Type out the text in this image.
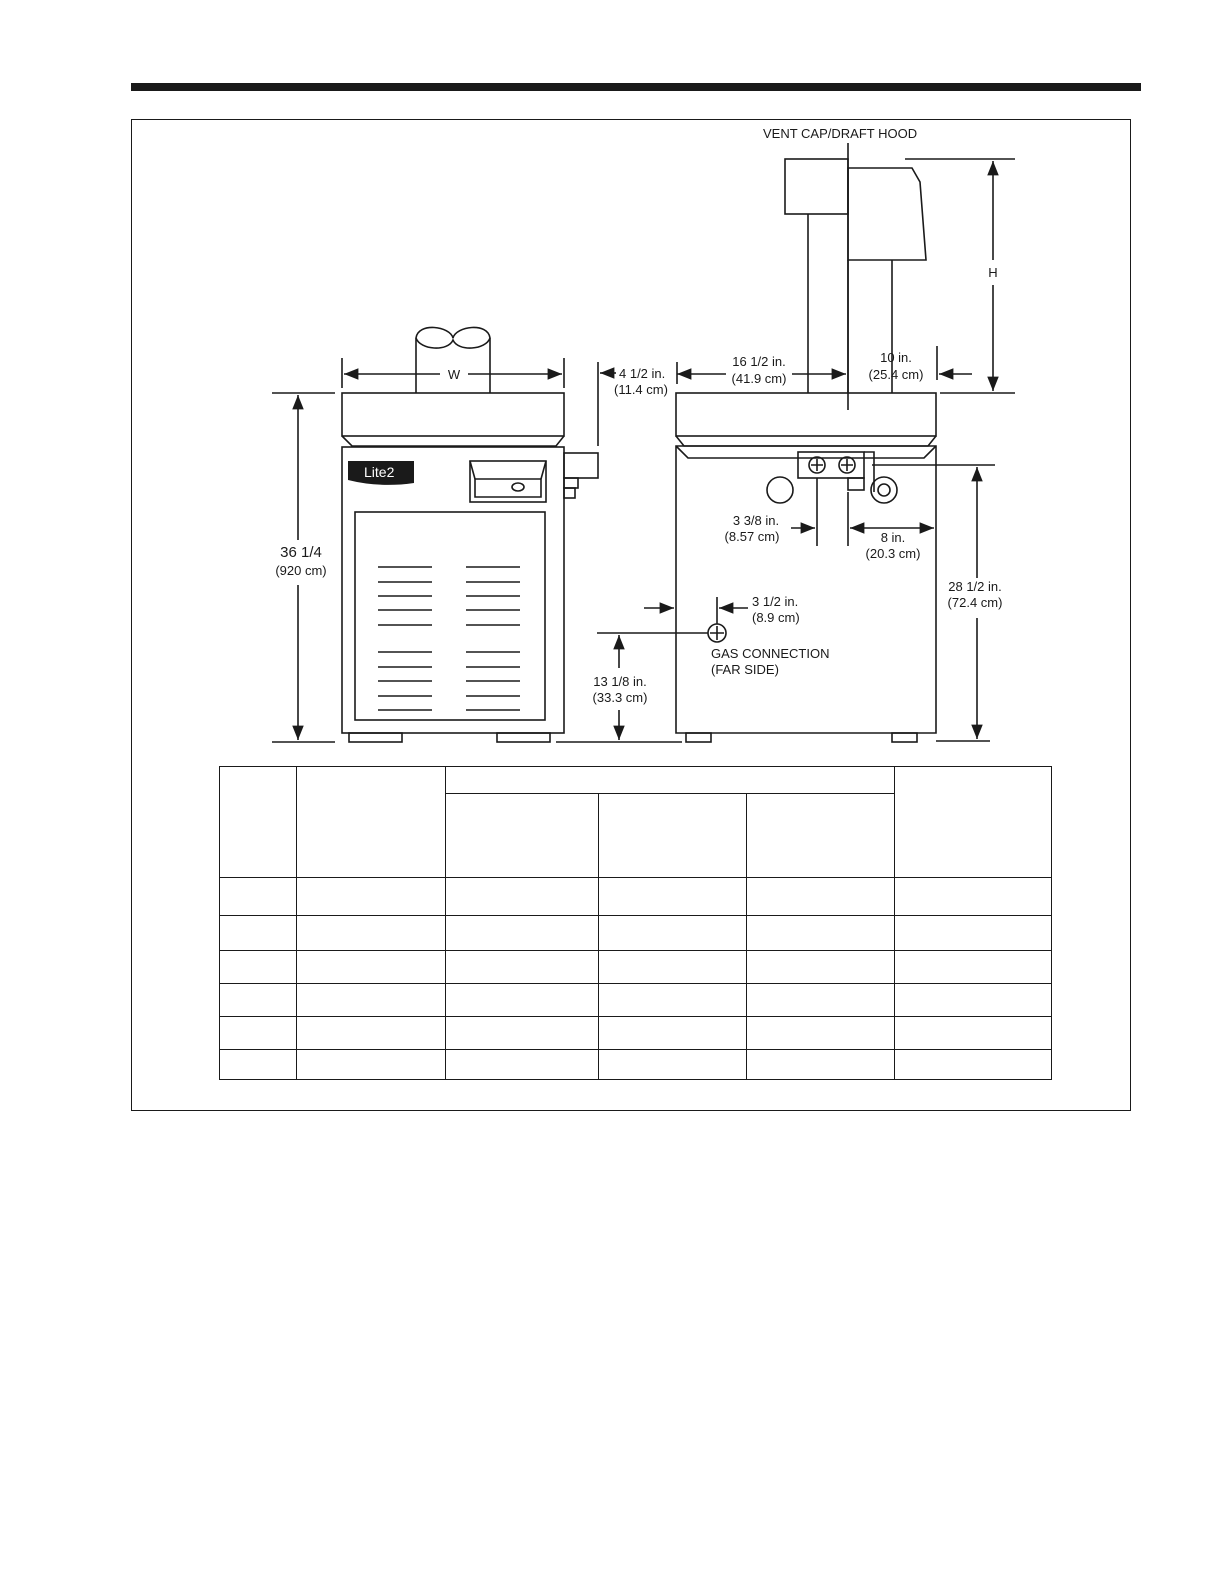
VENT CAP/DRAFT HOOD
W
H
36 1/4
(920 cm)
4 1/2 in.
(11.4 cm)
16 1/2 in.
(41.9 cm)
10 in.
(25.4 cm)
3 3/8 in.
(8.57 cm)	8 in.
(20.3 cm)
28 1/2 in.
(72.4 cm)
3 1/2 in.
(8.9 cm)
GAS CONNECTION
(FAR SIDE)
13 1/8 in.
(33.3 cm)
Lite2
